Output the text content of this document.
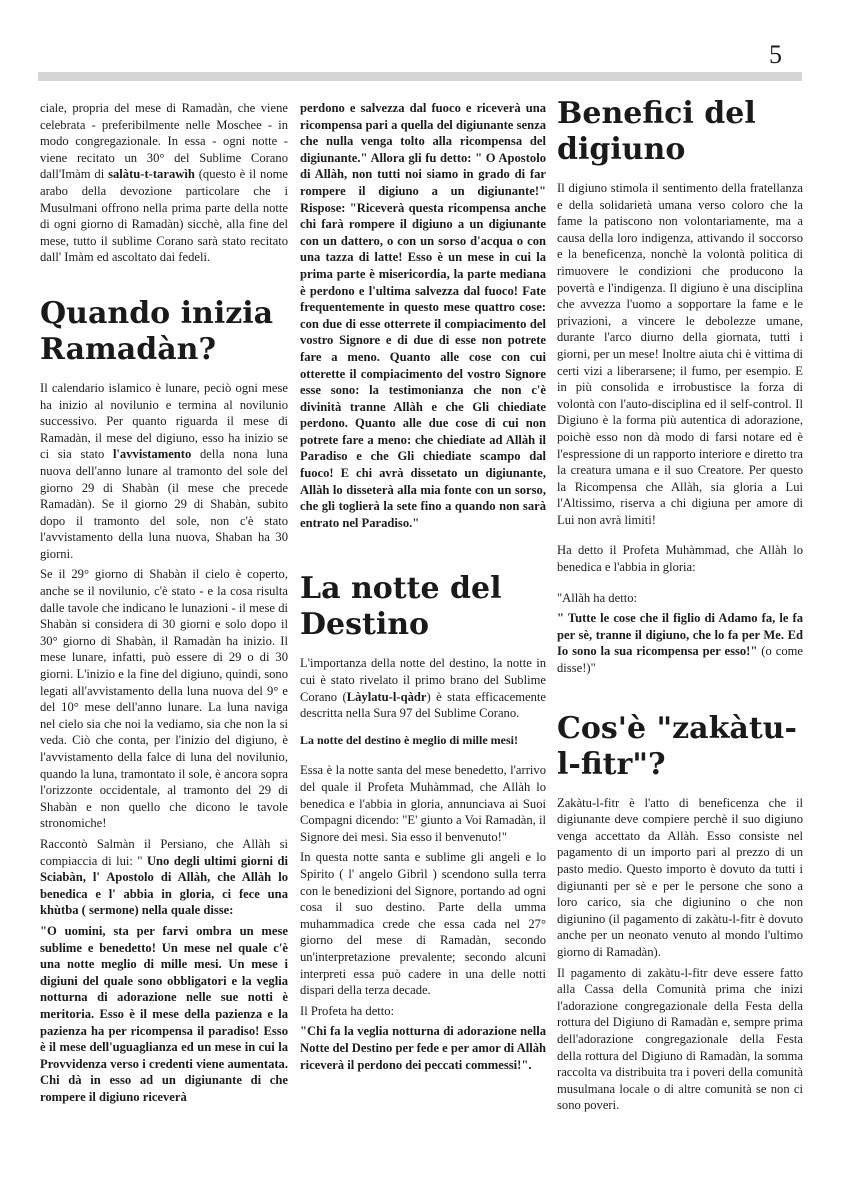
5

ciale, propria del mese di Ramadàn, che viene celebrata - preferibilmente nelle Moschee - in modo congregazionale. In essa - ogni notte - viene recitato un 30° del Sublime Corano dall'Imàm di salàtu-t-tarawìh (questo è il nome arabo della devozione particolare che i Musulmani offrono nella prima parte della notte di ogni giorno di Ramadàn) sicchè, alla fine del mese, tutto il sublime Corano sarà stato recitato dall' Imàm ed ascoltato dai fedeli.

Quando inizia Ramadàn?

Il calendario islamico è lunare, peciò ogni mese ha inizio al novilunio e termina al novilunio successivo. Per quanto riguarda il mese di Ramadàn, il mese del digiuno, esso ha inizio se ci sia stato l'avvistamento della nona luna nuova dell'anno lunare al tramonto del sole del giorno 29 di Shabàn (il mese che precede Ramadàn). Se il giorno 29 di Shabàn, subito dopo il tramonto del sole, non c'è stato l'avvistamento della luna nuova, Shaban ha 30 giorni.

Se il 29° giorno di Shabàn il cielo è coperto, anche se il novilunio, c'è stato - e la cosa risulta dalle tavole che indicano le lunazioni - il mese di Shabàn si considera di 30 giorni e solo dopo il 30° giorno di Shabàn, il Ramadàn ha inizio. Il mese lunare, infatti, può essere di 29 o di 30 giorni. L'inizio e la fine del digiuno, quindi, sono legati all'avvistamento della luna nuova del 9° e del 10° mese dell'anno lunare. La luna naviga nel cielo sia che noi la vediamo, sia che non la si veda. Ciò che conta, per l'inizio del digiuno, è l'avvistamento della falce di luna del novilunio, quando la luna, tramontato il sole, è ancora sopra l'orizzonte occidentale, al tramonto del 29 di Shabàn e non quello che dicono le tavole stronomiche!

Raccontò Salmàn il Persiano, che Allàh si compiaccia di lui: " Uno degli ultimi giorni di Sciabàn, l' Apostolo di Allàh, che Allàh lo benedica e l' abbia in gloria, ci fece una khùtba ( sermone) nella quale disse:

"O uomini, sta per farvi ombra un mese sublime e benedetto! Un mese nel quale c'è una notte meglio di mille mesi. Un mese i digiuni del quale sono obbligatori e la veglia notturna di adorazione nelle sue notti è meritoria. Esso è il mese della pazienza e la pazienza ha per ricompensa il paradiso! Esso è il mese dell'uguaglianza ed un mese in cui la Provvidenza verso i credenti viene aumentata. Chi dà in esso ad un digiunante di che rompere il digiuno riceverà

perdono e salvezza dal fuoco e riceverà una ricompensa pari a quella del digiunante senza che nulla venga tolto alla ricompensa del digiunante." Allora gli fu detto: " O Apostolo di Allàh, non tutti noi siamo in grado di far rompere il digiuno a un digiunante!" Rispose: "Riceverà questa ricompensa anche chi farà rompere il digiuno a un digiunante con un dattero, o con un sorso d'acqua o con una tazza di latte! Esso è un mese in cui la prima parte è misericordia, la parte mediana è perdono e l'ultima salvezza dal fuoco! Fate frequentemente in questo mese quattro cose: con due di esse otterrete il compiacimento del vostro Signore e di due di esse non potrete fare a meno. Quanto alle cose con cui otterette il compiacimento del vostro Signore esse sono: la testimonianza che non c'è divinità tranne Allàh e che Gli chiediate perdono. Quanto alle due cose di cui non potrete fare a meno: che chiediate ad Allàh il Paradiso e che Gli chiediate scampo dal fuoco! E chi avrà dissetato un digiunante, Allàh lo disseterà alla mia fonte con un sorso, che gli toglierà la sete fino a quando non sarà entrato nel Paradiso."

La notte del Destino

L'importanza della notte del destino, la notte in cui è stato rivelato il primo brano del Sublime Corano (Làylatu-l-qàdr) è stata efficacemente descritta nella Sura 97 del Sublime Corano.

La notte del destino è meglio di mille mesi!

Essa è la notte santa del mese benedetto, l'arrivo del quale il Profeta Muhàmmad, che Allàh lo benedica e l'abbia in gloria, annunciava ai Suoi Compagni dicendo: "E' giunto a Voi Ramadàn, il Signore dei mesi. Sia esso il benvenuto!"

In questa notte santa e sublime gli angeli e lo Spirito ( l' angelo Gibrìl ) scendono sulla terra con le benedizioni del Signore, portando ad ogni cosa il suo destino. Parte della umma muhammadica crede che essa cada nel 27° giorno del mese di Ramadàn, secondo un'interpretazione prevalente; secondo alcuni interpreti essa può cadere in una delle notti dispari della terza decade.

Il Profeta ha detto:

"Chi fa la veglia notturna di adorazione nella Notte del Destino per fede e per amor di Allàh riceverà il perdono dei peccati commessi!".

Benefici del digiuno

Il digiuno stimola il sentimento della fratellanza e della solidarietà umana verso coloro che la fame la patiscono non volontariamente, ma a causa della loro indigenza, attivando il soccorso e la beneficenza, nonchè la volontà politica di rimuovere le condizioni che producono la povertà e l'indigenza. Il digiuno è una disciplina che avvezza l'uomo a sopportare la fame e le privazioni, a vincere le debolezze umane, durante l'arco diurno della giornata, tutti i giorni, per un mese! Inoltre aiuta chi è vittima di certi vizi a liberarsene; il fumo, per esempio. E in più consolida e irrobustisce la forza di volontà con l'auto-disciplina ed il self-control. Il Digiuno è la forma più autentica di adorazione, poichè esso non dà modo di farsi notare ed è l'espressione di un rapporto interiore e diretto tra la creatura umana e il suo Creatore. Per questo la Ricompensa che Allàh, sia gloria a Lui l'Altissimo, riserva a chi digiuna per amore di Lui non avrà limiti!

Ha detto il Profeta Muhàmmad, che Allàh lo benedica e l'abbia in gloria:

"Allàh ha detto:

" Tutte le cose che il figlio di Adamo fa, le fa per sè, tranne il digiuno, che lo fa per Me. Ed Io sono la sua ricompensa per esso!" (o come disse!)"

Cos'è "zakàtu-l-fitr"?

Zakàtu-l-fitr è l'atto di beneficenza che il digiunante deve compiere perchè il suo digiuno venga accettato da Allàh. Esso consiste nel pagamento di un importo pari al prezzo di un pasto medio. Questo importo è dovuto da tutti i digiunanti per sè e per le persone che sono a loro carico, sia che digiunino o che non digiunino (il pagamento di zakàtu-l-fitr è dovuto anche per un neonato venuto al mondo l'ultimo giorno di Ramadàn).

Il pagamento di zakàtu-l-fitr deve essere fatto alla Cassa della Comunità prima che inizi l'adorazione congregazionale della Festa della rottura del Digiuno di Ramadàn e, sempre prima dell'adorazione congregazionale della Festa della rottura del Digiuno di Ramadàn, la somma raccolta va distribuita tra i poveri della comunità musulmana locale o di altre comunità se non ci sono poveri.
